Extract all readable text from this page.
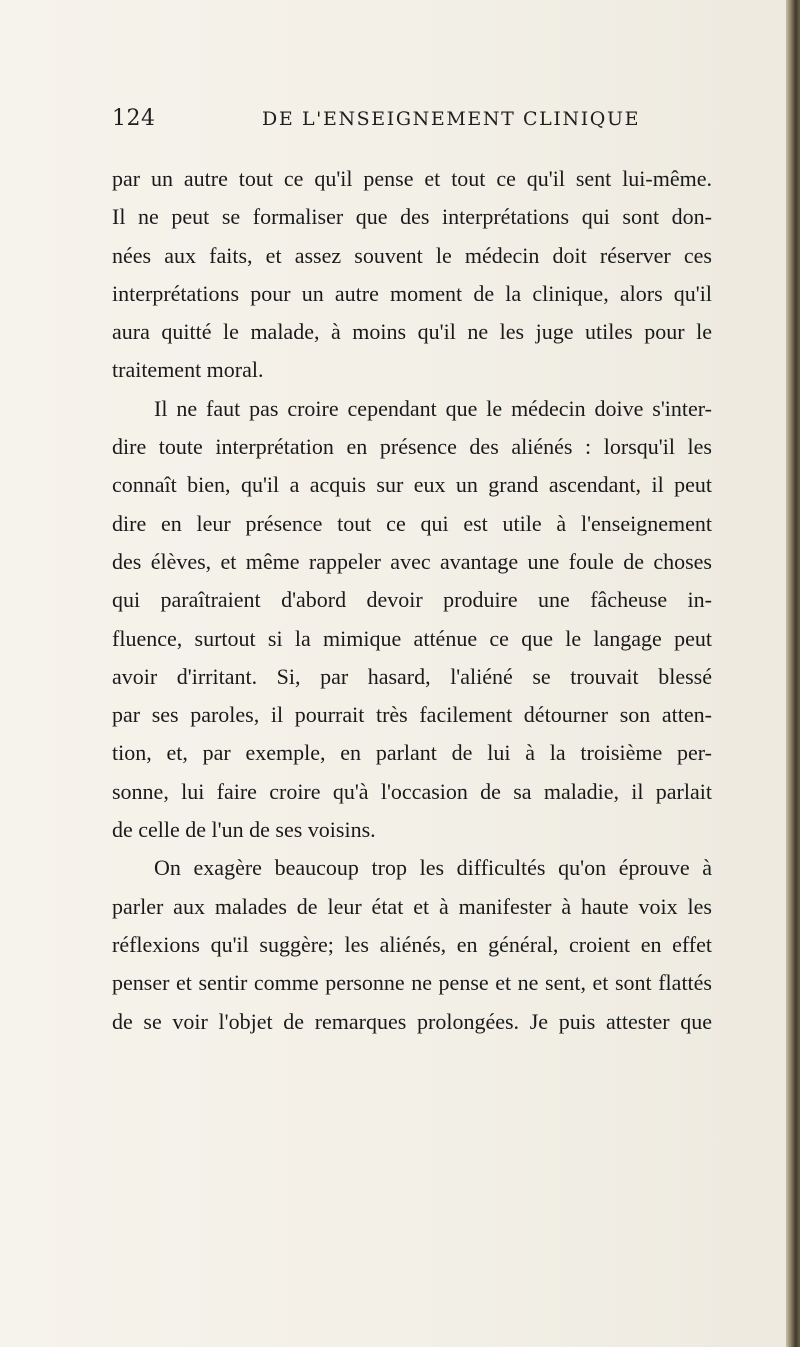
124	DE L'ENSEIGNEMENT CLINIQUE
par un autre tout ce qu'il pense et tout ce qu'il sent lui-même.
Il ne peut se formaliser que des interprétations qui sont don-
nées aux faits, et assez souvent le médecin doit réserver ces
interprétations pour un autre moment de la clinique, alors qu'il
aura quitté le malade, à moins qu'il ne les juge utiles pour le
traitement moral.
Il ne faut pas croire cependant que le médecin doive s'inter-
dire toute interprétation en présence des aliénés : lorsqu'il les
connaît bien, qu'il a acquis sur eux un grand ascendant, il peut
dire en leur présence tout ce qui est utile à l'enseignement
des élèves, et même rappeler avec avantage une foule de choses
qui paraîtraient d'abord devoir produire une fâcheuse in-
fluence, surtout si la mimique atténue ce que le langage peut
avoir d'irritant. Si, par hasard, l'aliéné se trouvait blessé
par ses paroles, il pourrait très facilement détourner son atten-
tion, et, par exemple, en parlant de lui à la troisième per-
sonne, lui faire croire qu'à l'occasion de sa maladie, il parlait
de celle de l'un de ses voisins.
On exagère beaucoup trop les difficultés qu'on éprouve à
parler aux malades de leur état et à manifester à haute voix les
réflexions qu'il suggère; les aliénés, en général, croient en effet
penser et sentir comme personne ne pense et ne sent, et sont flattés
de se voir l'objet de remarques prolongées. Je puis attester que
